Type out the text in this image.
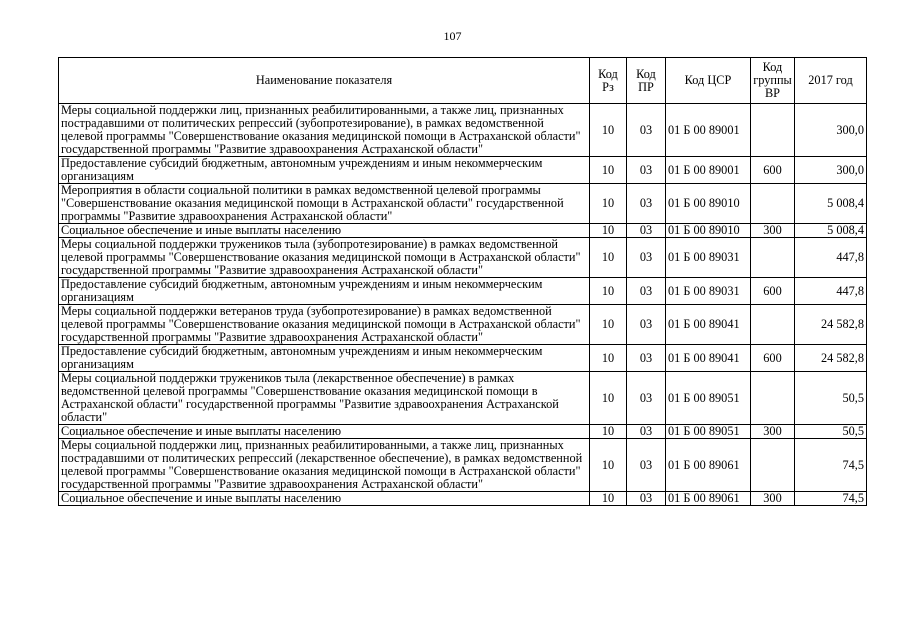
107
Наименование показателя	Код Рз	Код ПР	Код ЦСР	Код группы ВР	2017 год
Меры социальной поддержки лиц, признанных реабилитированными, а также лиц, признанных пострадавшими от политических репрессий (зубопротезирование), в рамках ведомственной целевой программы "Совершенствование оказания медицинской помощи в Астраханской области" государственной программы "Развитие здравоохранения Астраханской области"	10	03	01 Б 00 89001		300,0
Предоставление субсидий бюджетным, автономным учреждениям и иным некоммерческим организациям	10	03	01 Б 00 89001	600	300,0
Мероприятия в области социальной политики в рамках ведомственной целевой программы "Совершенствование оказания медицинской помощи в Астраханской области" государственной программы "Развитие здравоохранения Астраханской области"	10	03	01 Б 00 89010		5 008,4
Социальное обеспечение и иные выплаты населению	10	03	01 Б 00 89010	300	5 008,4
Меры социальной поддержки тружеников тыла (зубопротезирование) в рамках ведомственной целевой программы "Совершенствование оказания медицинской помощи в Астраханской области" государственной программы "Развитие здравоохранения Астраханской области"	10	03	01 Б 00 89031		447,8
Предоставление субсидий бюджетным, автономным учреждениям и иным некоммерческим организациям	10	03	01 Б 00 89031	600	447,8
Меры социальной поддержки ветеранов труда (зубопротезирование) в рамках ведомственной целевой программы "Совершенствование оказания медицинской помощи в Астраханской области" государственной программы "Развитие здравоохранения Астраханской области"	10	03	01 Б 00 89041		24 582,8
Предоставление субсидий бюджетным, автономным учреждениям и иным некоммерческим организациям	10	03	01 Б 00 89041	600	24 582,8
Меры социальной поддержки тружеников тыла (лекарственное обеспечение) в рамках ведомственной целевой программы "Совершенствование оказания медицинской помощи в Астраханской области" государственной программы "Развитие здравоохранения Астраханской области"	10	03	01 Б 00 89051		50,5
Социальное обеспечение и иные выплаты населению	10	03	01 Б 00 89051	300	50,5
Меры социальной поддержки лиц, признанных реабилитированными, а также лиц, признанных пострадавшими от политических репрессий (лекарственное обеспечение), в рамках ведомственной целевой программы "Совершенствование оказания медицинской помощи в Астраханской области" государственной программы "Развитие здравоохранения Астраханской области"	10	03	01 Б 00 89061		74,5
Социальное обеспечение и иные выплаты населению	10	03	01 Б 00 89061	300	74,5
